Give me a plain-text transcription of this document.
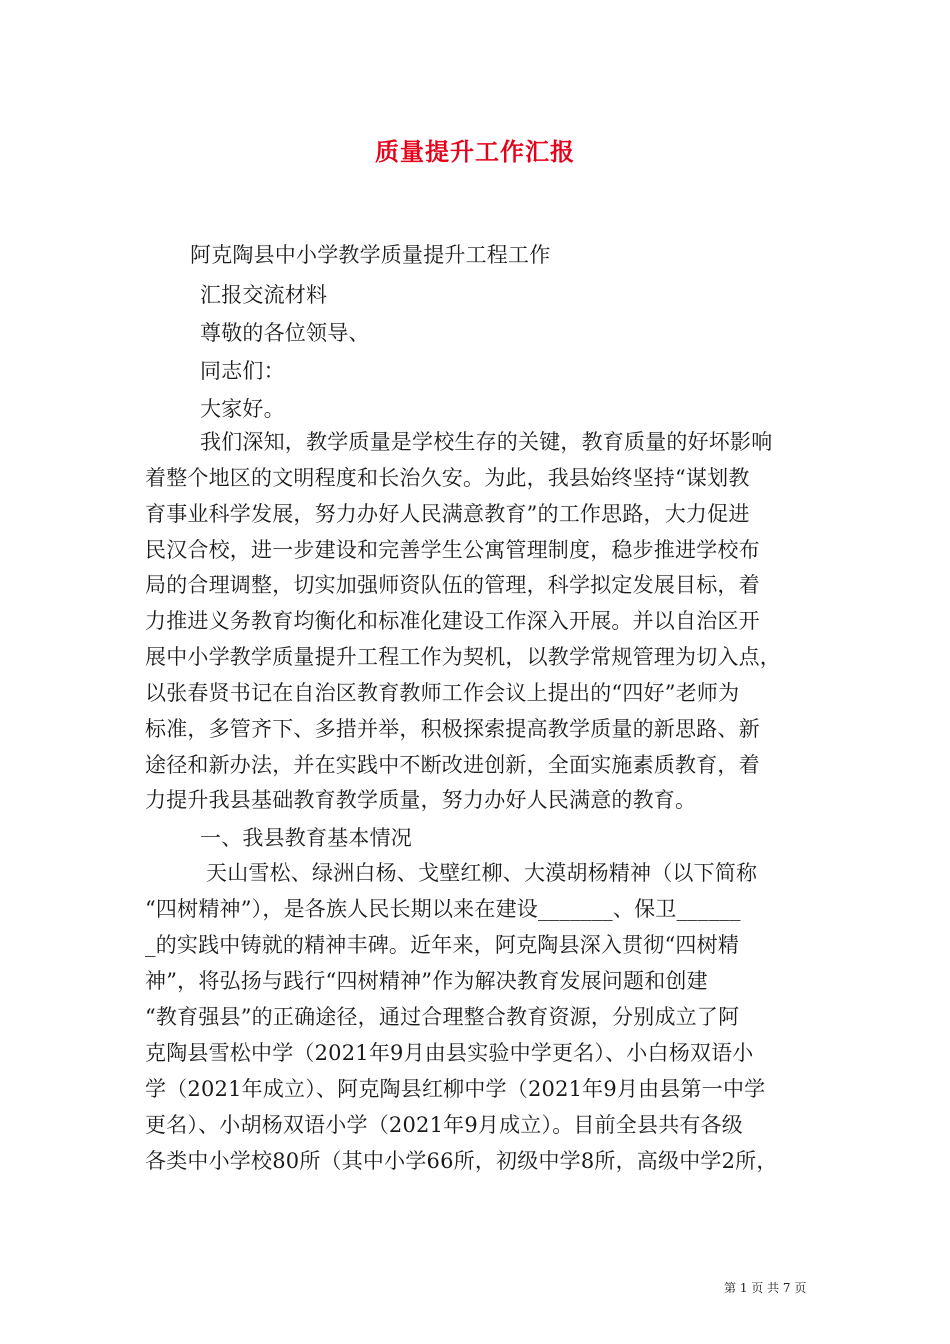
质量提升工作汇报
阿克陶县中小学教学质量提升工程工作
汇报交流材料
尊敬的各位领导、
同志们：
大家好。
我们深知，教学质量是学校生存的关键，教育质量的好坏影响
着整个地区的文明程度和长治久安。为此，我县始终坚持“谋划教
育事业科学发展，努力办好人民满意教育”的工作思路，大力促进
民汉合校，进一步建设和完善学生公寓管理制度，稳步推进学校布
局的合理调整，切实加强师资队伍的管理，科学拟定发展目标，着
力推进义务教育均衡化和标准化建设工作深入开展。并以自治区开
展中小学教学质量提升工程工作为契机，以教学常规管理为切入点，
以张春贤书记在自治区教育教师工作会议上提出的“四好”老师为
标准，多管齐下、多措并举，积极探索提高教学质量的新思路、新
途径和新办法，并在实践中不断改进创新，全面实施素质教育，着
力提升我县基础教育教学质量，努力办好人民满意的教育。
一、我县教育基本情况
天山雪松、绿洲白杨、戈壁红柳、大漠胡杨精神（以下简称
“四树精神”），是各族人民长期以来在建设_______、保卫______
_的实践中铸就的精神丰碑。近年来，阿克陶县深入贯彻“四树精
神”，将弘扬与践行“四树精神”作为解决教育发展问题和创建
“教育强县”的正确途径，通过合理整合教育资源，分别成立了阿
克陶县雪松中学（2021年9月由县实验中学更名）、小白杨双语小
学（2021年成立）、阿克陶县红柳中学（2021年9月由县第一中学
更名）、小胡杨双语小学（2021年9月成立）。目前全县共有各级
各类中小学校80所（其中小学66所，初级中学8所，高级中学2所，
第 1 页 共 7 页
